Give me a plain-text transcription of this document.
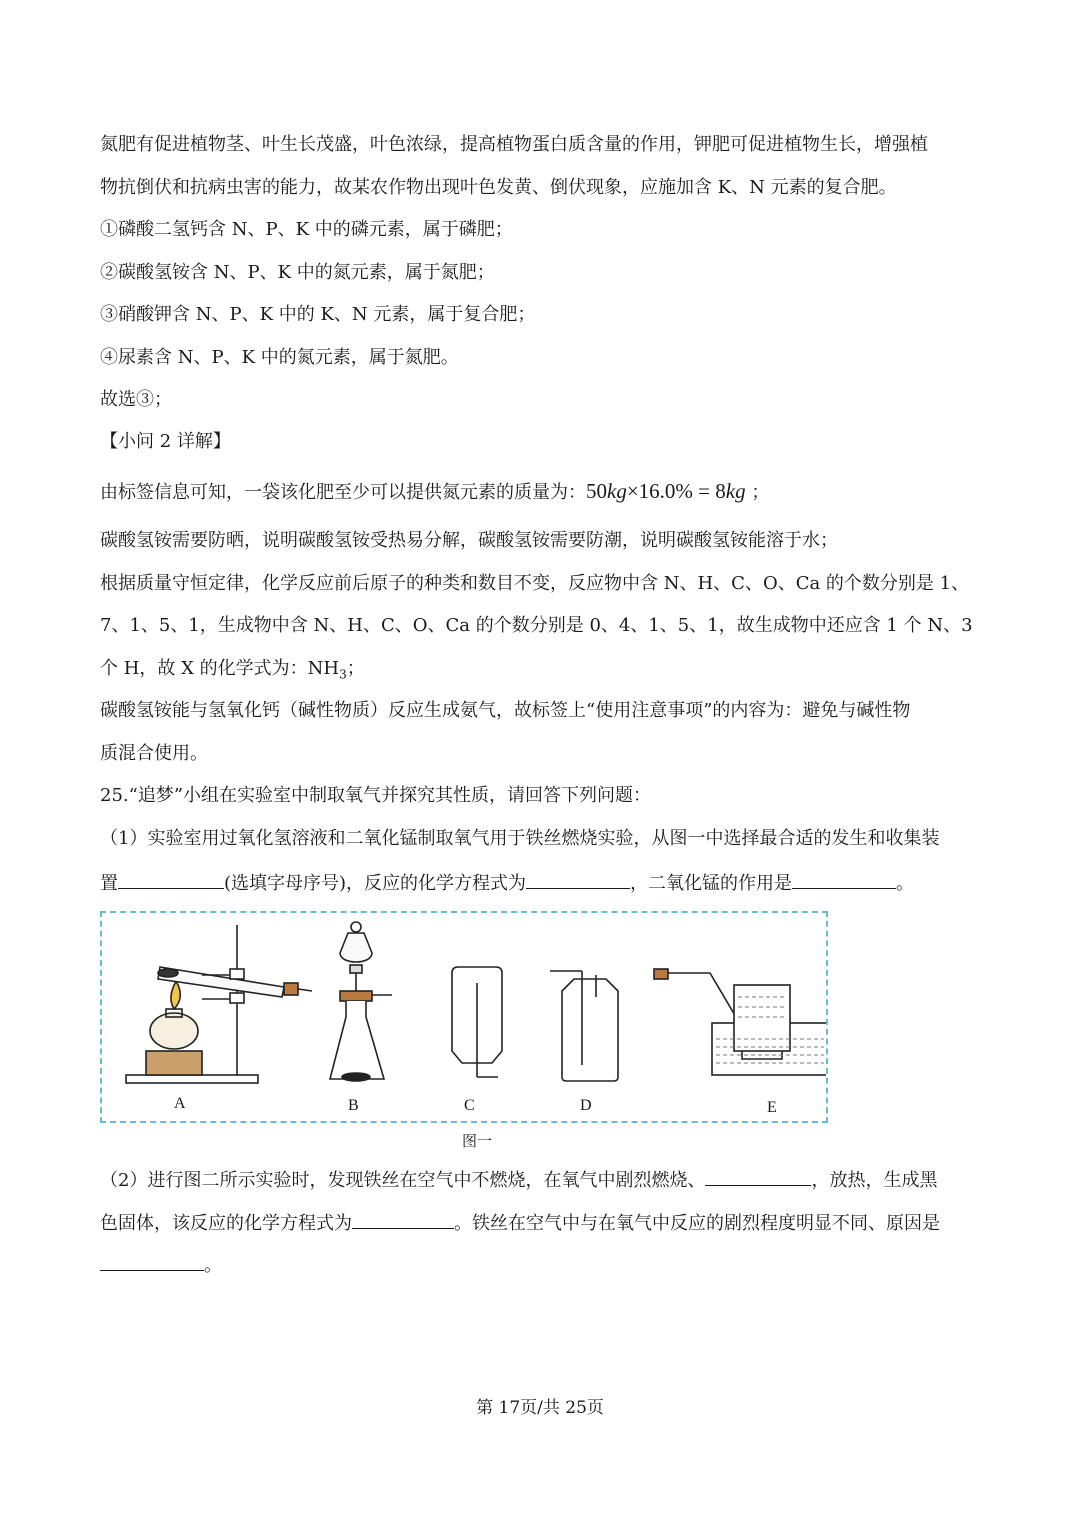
氮肥有促进植物茎、叶生长茂盛，叶色浓绿，提高植物蛋白质含量的作用，钾肥可促进植物生长，增强植
物抗倒伏和抗病虫害的能力，故某农作物出现叶色发黄、倒伏现象，应施加含 K、N 元素的复合肥。
①磷酸二氢钙含 N、P、K 中的磷元素，属于磷肥；
②碳酸氢铵含 N、P、K 中的氮元素，属于氮肥；
③硝酸钾含 N、P、K 中的 K、N 元素，属于复合肥；
④尿素含 N、P、K 中的氮元素，属于氮肥。
故选③；
【小问 2 详解】
由标签信息可知，一袋该化肥至少可以提供氮元素的质量为：50kg×16.0% = 8kg ；
碳酸氢铵需要防晒，说明碳酸氢铵受热易分解，碳酸氢铵需要防潮，说明碳酸氢铵能溶于水；
根据质量守恒定律，化学反应前后原子的种类和数目不变，反应物中含 N、H、C、O、Ca 的个数分别是 1、
7、1、5、1，生成物中含 N、H、C、O、Ca 的个数分别是 0、4、1、5、1，故生成物中还应含 1 个 N、3
个 H，故 X 的化学式为：$NH_3$；
碳酸氢铵能与氢氧化钙（碱性物质）反应生成氨气，故标签上“使用注意事项”的内容为：避免与碱性物
质混合使用。
25.“追梦”小组在实验室中制取氧气并探究其性质，请回答下列问题：
（1）实验室用过氧化氢溶液和二氧化锰制取氧气用于铁丝燃烧实验，从图一中选择最合适的发生和收集装
置	(选填字母序号)，反应的化学方程式为	，二氧化锰的作用是	。
A	B	C	D	E
图一
（2）进行图二所示实验时，发现铁丝在空气中不燃烧，在氧气中剧烈燃烧、	，放热，生成黑
色固体，该反应的化学方程式为	。铁丝在空气中与在氧气中反应的剧烈程度明显不同、原因是
。
第 17页/共 25页
